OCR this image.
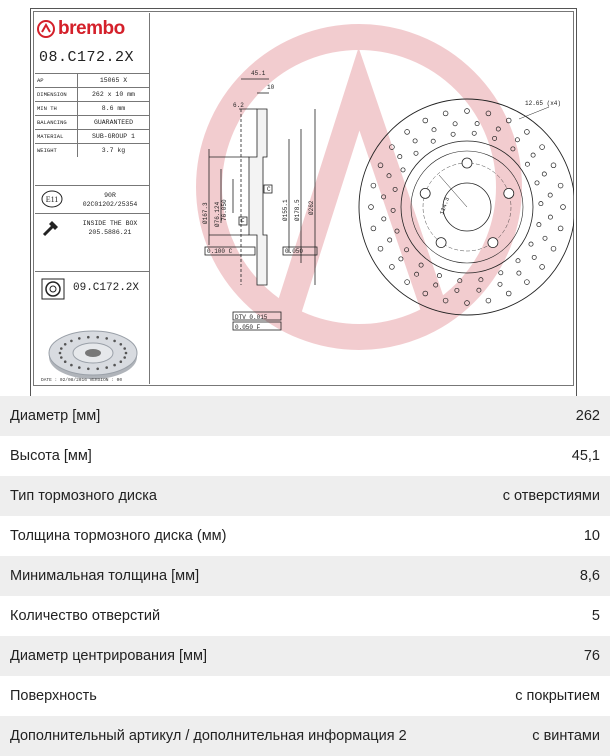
brembo
08.C172.2X
AP	15065 X
DIMENSION	262 x 10 mm
MIN TH	8.6 mm
BALANCING	GUARANTEED
MATERIAL	SUB-GROUP 1
WEIGHT	3.7 kg
E11	90R
02C01202/25354
INSIDE THE BOX
205.5886.21
09.C172.2X
DATE : 02/08/2016 VERSION : 00
45.1
10
6.2
C
F
0.100 C	0.050
DTV 0.015
0.050 F
Ø167.3 Ø76.124 76.050	Ø155.1 Ø178.5 Ø262	114.3
12.65 (x4)
Диаметр [мм]	262
Высота [мм]	45,1
Тип тормозного диска	с отверстиями
Толщина тормозного диска (мм)	10
Минимальная толщина [мм]	8,6
Количество отверстий	5
Диаметр центрирования [мм]	76
Поверхность	с покрытием
Дополнительный артикул / дополнительная информация 2	с винтами
